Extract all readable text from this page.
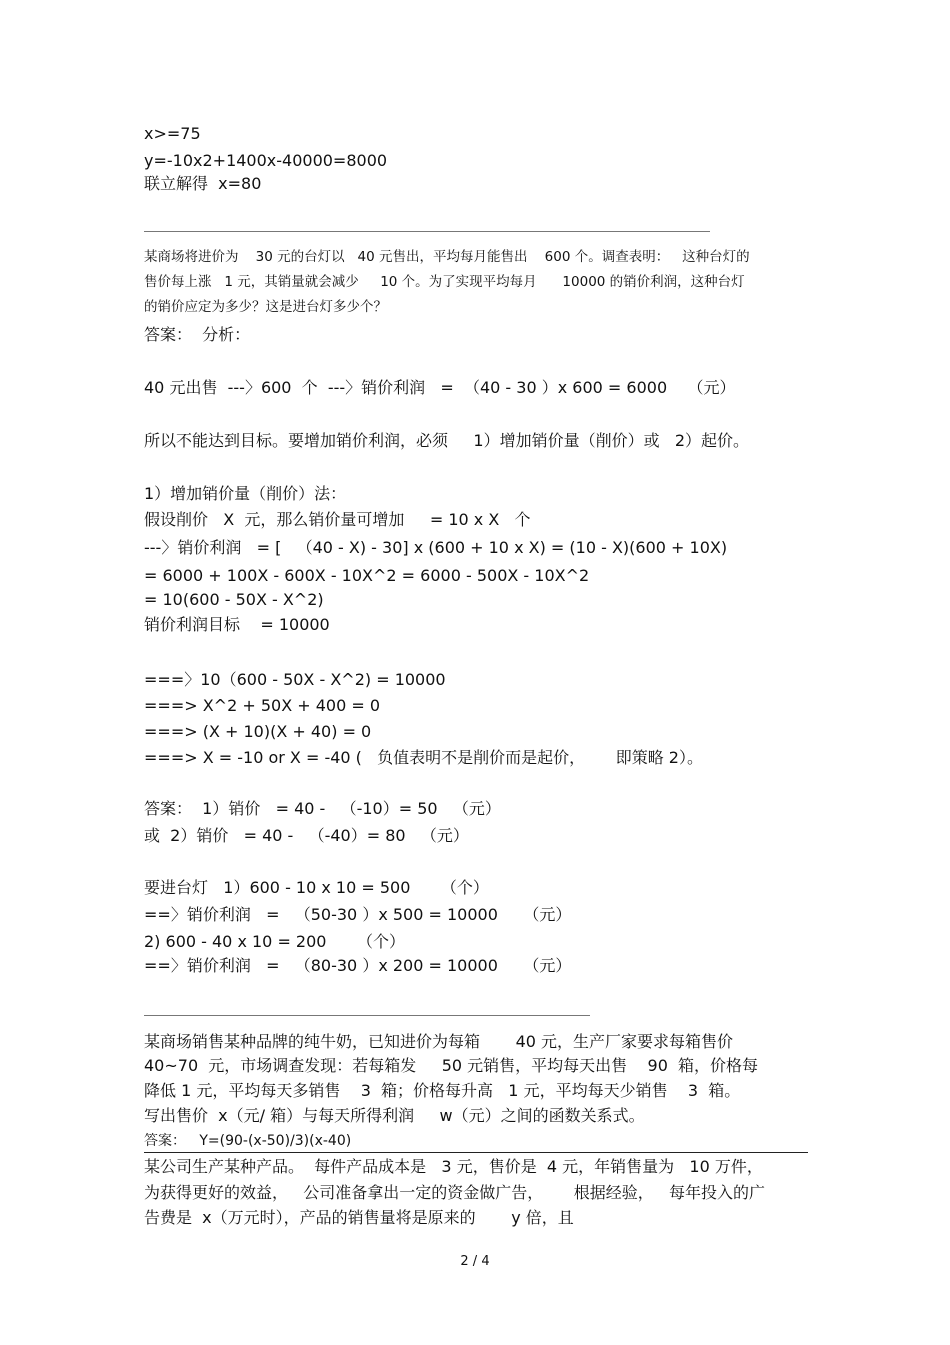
x>=75
y=-10x2+1400x-40000=8000
联立解得  x=80
某商场将进价为    30 元的台灯以   40 元售出，平均每月能售出    600 个。调查表明：   这种台灯的
售价每上涨   1 元，其销量就会减少     10 个。为了实现平均每月      10000 的销价利润，这种台灯
的销价应定为多少？这是进台灯多少个？
答案：  分析：
40 元出售  ---〉600  个  ---〉销价利润   =  （40 - 30 ）x 600 = 6000    （元）
所以不能达到目标。要增加销价利润，必须     1）增加销价量（削价）或   2）起价。
1）增加销价量（削价）法：
假设削价   X  元，那么销价量可增加     = 10 x X   个
---〉销价利润   = [   （40 - X) - 30] x (600 + 10 x X) = (10 - X)(600 + 10X)
= 6000 + 100X - 600X - 10X^2 = 6000 - 500X - 10X^2
= 10(600 - 50X - X^2)
销价利润目标    = 10000
===〉10（600 - 50X - X^2) = 10000
===> X^2 + 50X + 400 = 0
===> (X + 10)(X + 40) = 0
===> X = -10 or X = -40 (   负值表明不是削价而是起价，      即策略 2）。
答案：  1）销价   = 40 -   （-10）= 50   （元）
或  2）销价   = 40 -   （-40）= 80   （元）
要进台灯   1）600 - 10 x 10 = 500      （个）
==〉销价利润   =   （50-30 ）x 500 = 10000     （元）
2) 600 - 40 x 10 = 200      （个）
==〉销价利润   =   （80-30 ）x 200 = 10000     （元）
某商场销售某种品牌的纯牛奶，已知进价为每箱       40 元，生产厂家要求每箱售价
40~70  元，市场调查发现：若每箱发     50 元销售，平均每天出售    90  箱，价格每
降低 1 元，平均每天多销售    3  箱；价格每升高   1 元，平均每天少销售    3  箱。
写出售价  x（元/ 箱）与每天所得利润     w（元）之间的函数关系式。
答案：   Y=(90-(x-50)/3)(x-40)
某公司生产某种产品。  每件产品成本是   3 元，售价是  4 元，年销售量为   10 万件，
为获得更好的效益，   公司准备拿出一定的资金做广告，      根据经验，   每年投入的广
告费是  x（万元时），产品的销售量将是原来的       y 倍，且
2 / 4
